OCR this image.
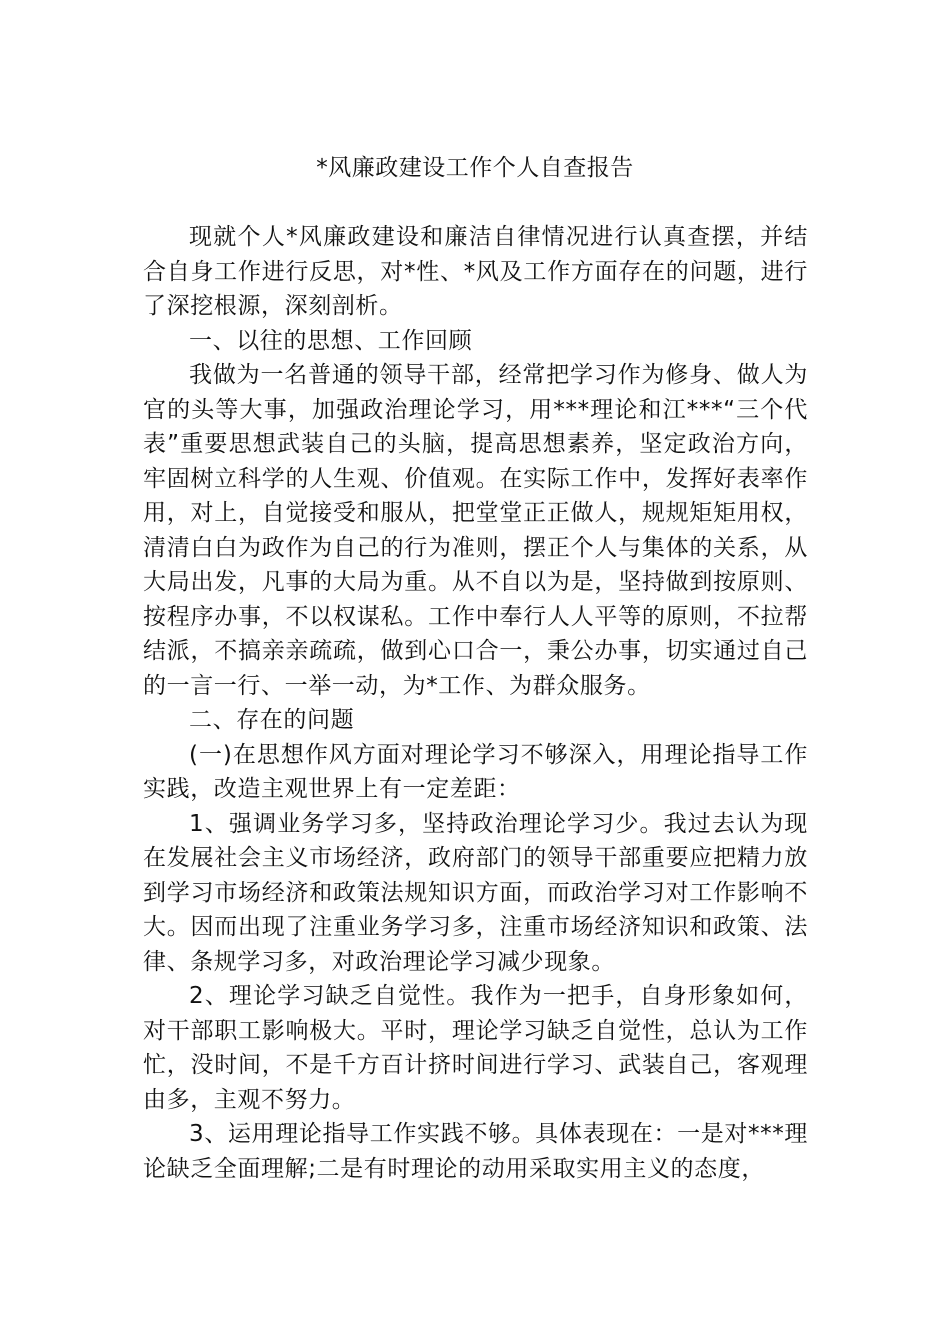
*风廉政建设工作个人自查报告

现就个人*风廉政建设和廉洁自律情况进行认真查摆，并结合自身工作进行反思，对*性、*风及工作方面存在的问题，进行了深挖根源，深刻剖析。

一、以往的思想、工作回顾

我做为一名普通的领导干部，经常把学习作为修身、做人为官的头等大事，加强政治理论学习，用***理论和江***“三个代表”重要思想武装自己的头脑，提高思想素养，坚定政治方向，牢固树立科学的人生观、价值观。在实际工作中，发挥好表率作用，对上，自觉接受和服从，把堂堂正正做人，规规矩矩用权，清清白白为政作为自己的行为准则，摆正个人与集体的关系，从大局出发，凡事的大局为重。从不自以为是，坚持做到按原则、按程序办事，不以权谋私。工作中奉行人人平等的原则，不拉帮结派，不搞亲亲疏疏，做到心口合一，秉公办事，切实通过自己的一言一行、一举一动，为*工作、为群众服务。

二、存在的问题

(一)在思想作风方面对理论学习不够深入，用理论指导工作实践，改造主观世界上有一定差距：

1、强调业务学习多，坚持政治理论学习少。我过去认为现在发展社会主义市场经济，政府部门的领导干部重要应把精力放到学习市场经济和政策法规知识方面，而政治学习对工作影响不大。因而出现了注重业务学习多，注重市场经济知识和政策、法律、条规学习多，对政治理论学习减少现象。

2、理论学习缺乏自觉性。我作为一把手，自身形象如何，对干部职工影响极大。平时，理论学习缺乏自觉性，总认为工作忙，没时间，不是千方百计挤时间进行学习、武装自己，客观理由多，主观不努力。

3、运用理论指导工作实践不够。具体表现在：一是对***理论缺乏全面理解;二是有时理论的动用采取实用主义的态度，
